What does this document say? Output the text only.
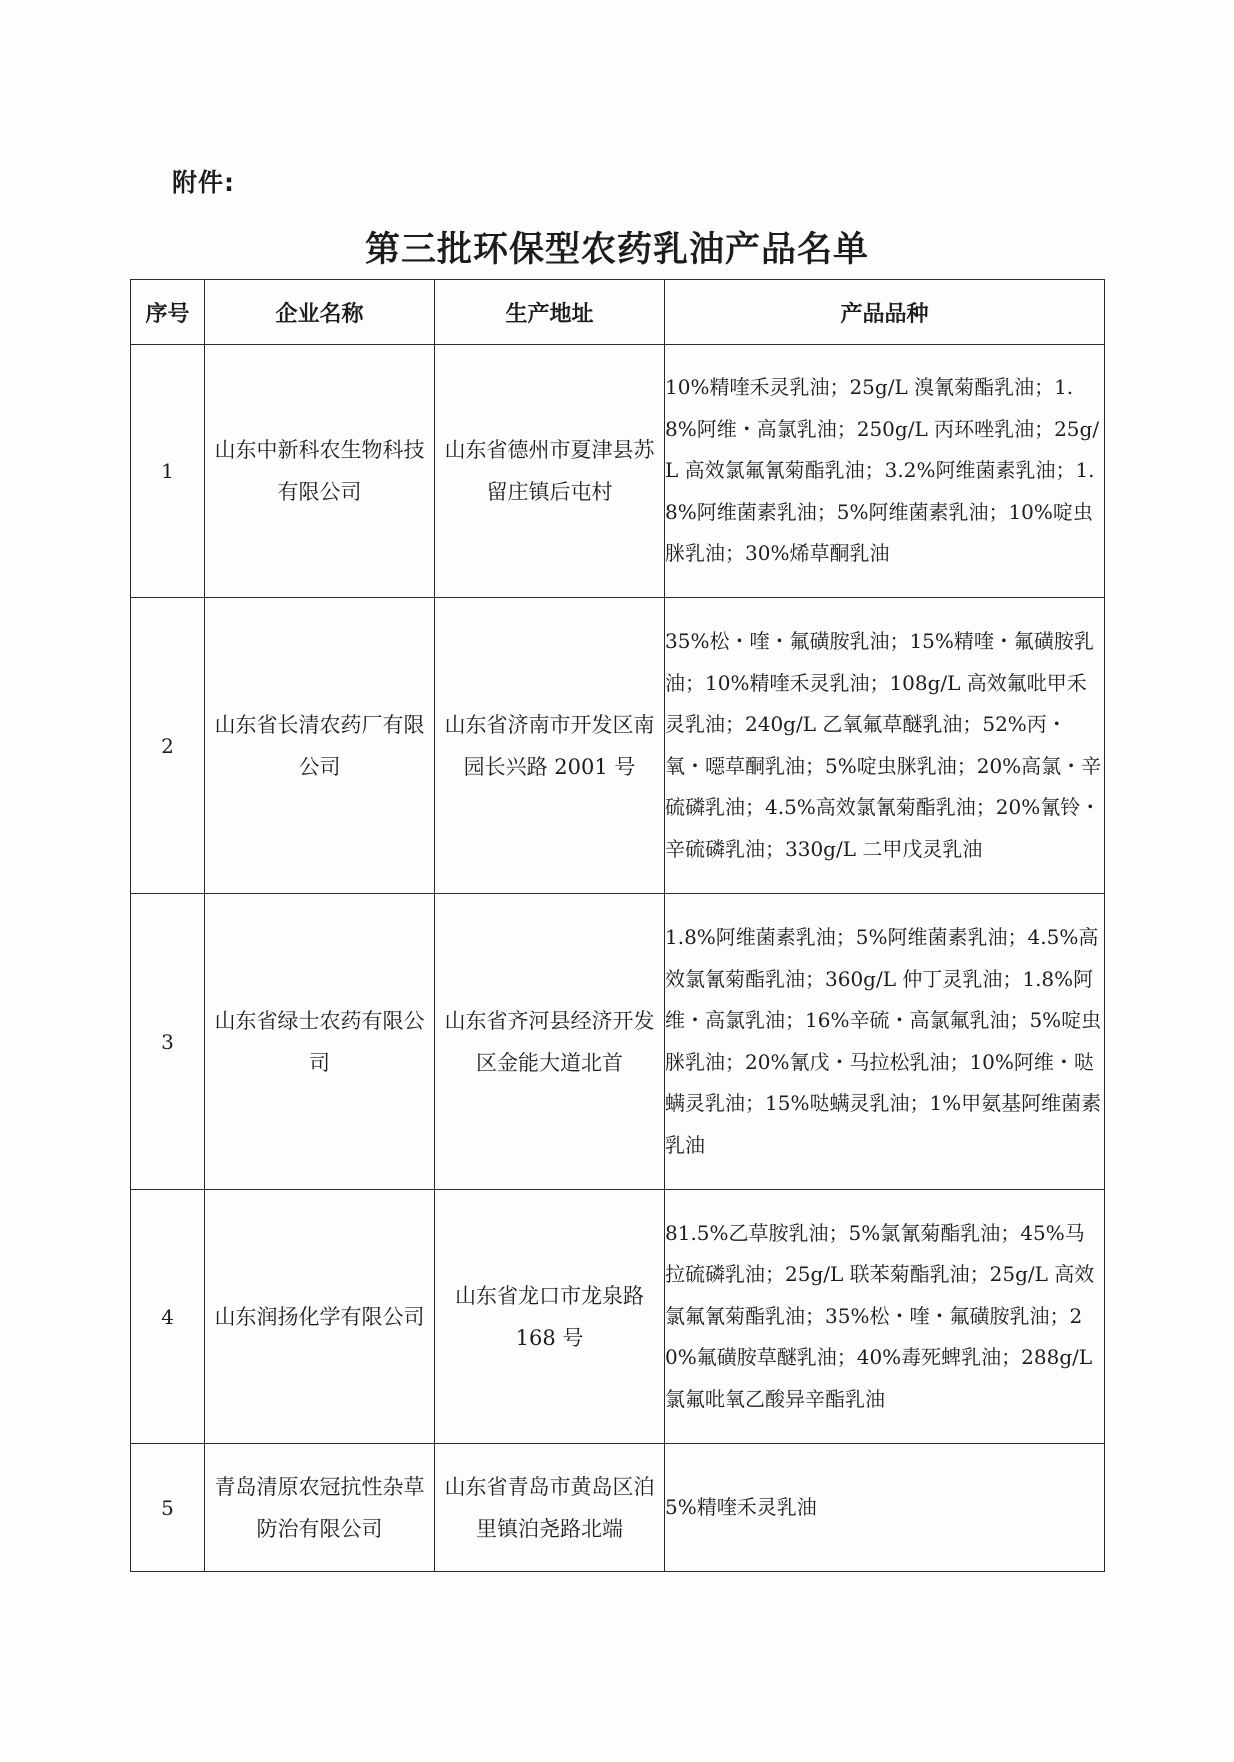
附件:
第三批环保型农药乳油产品名单
序号	企业名称	生产地址	产品品种
1	山东中新科农生物科技有限公司	山东省德州市夏津县苏留庄镇后屯村	10%精喹禾灵乳油；25g/L 溴氰菊酯乳油；1.8%阿维・高氯乳油；250g/L 丙环唑乳油；25g/L 高效氯氟氰菊酯乳油；3.2%阿维菌素乳油；1.8%阿维菌素乳油；5%阿维菌素乳油；10%啶虫脒乳油；30%烯草酮乳油
2	山东省长清农药厂有限公司	山东省济南市开发区南园长兴路 2001 号	35%松・喹・氟磺胺乳油；15%精喹・氟磺胺乳油；10%精喹禾灵乳油；108g/L 高效氟吡甲禾灵乳油；240g/L 乙氧氟草醚乳油；52%丙・氧・噁草酮乳油；5%啶虫脒乳油；20%高氯・辛硫磷乳油；4.5%高效氯氰菊酯乳油；20%氰铃・辛硫磷乳油；330g/L 二甲戊灵乳油
3	山东省绿士农药有限公司	山东省齐河县经济开发区金能大道北首	1.8%阿维菌素乳油；5%阿维菌素乳油；4.5%高效氯氰菊酯乳油；360g/L 仲丁灵乳油；1.8%阿维・高氯乳油；16%辛硫・高氯氟乳油；5%啶虫脒乳油；20%氰戊・马拉松乳油；10%阿维・哒螨灵乳油；15%哒螨灵乳油；1%甲氨基阿维菌素乳油
4	山东润扬化学有限公司	山东省龙口市龙泉路 168 号	81.5%乙草胺乳油；5%氯氰菊酯乳油；45%马拉硫磷乳油；25g/L 联苯菊酯乳油；25g/L 高效氯氟氰菊酯乳油；35%松・喹・氟磺胺乳油；20%氟磺胺草醚乳油；40%毒死蜱乳油；288g/L 氯氟吡氧乙酸异辛酯乳油
5	青岛清原农冠抗性杂草防治有限公司	山东省青岛市黄岛区泊里镇泊尧路北端	5%精喹禾灵乳油
